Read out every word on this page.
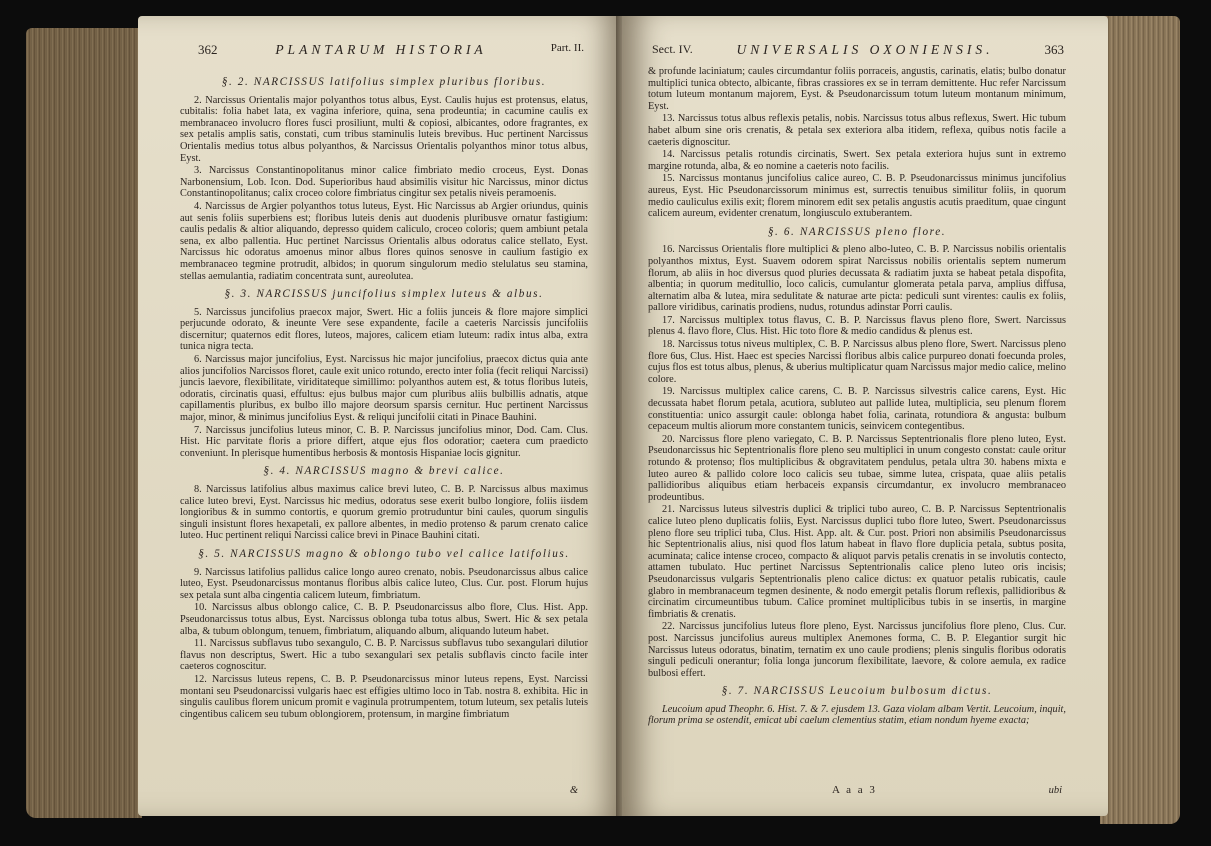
362	PLANTARUM HISTORIA	Part. II.
§. 2. NARCISSUS latifolius simplex pluribus floribus.

2. Narcissus Orientalis major polyanthos totus albus, Eyst. Caulis hujus est protensus, elatus, cubitalis: folia habet lata, ex vagina inferiore, quina, sena prodeuntia; in cacumine caulis ex membranaceo involucro flores fusci prosiliunt, multi & copiosi, albicantes, odore fragrantes, ex sex petalis amplis satis, constati, cum tribus staminulis luteis brevibus. Huc pertinent Narcissus Orientalis medius totus albus polyanthos, & Narcissus Orientalis polyanthos minor totus albus, Eyst.

3. Narcissus Constantinopolitanus minor calice fimbriato medio croceus, Eyst. Donas Narbonensium, Lob. Icon. Dod. Superioribus haud absimilis visitur hic Narcissus, minor dictus Constantinopolitanus; calix croceo colore fimbriatus cingitur sex petalis niveis peramoenis.

4. Narcissus de Argier polyanthos totus luteus, Eyst. Hic Narcissus ab Argier oriundus, quinis aut senis foliis superbiens est; floribus luteis denis aut duodenis pluribusve ornatur fastigium: caulis pedalis & altior aliquando, depresso quidem caliculo, croceo coloris; quem ambiunt petala sena, ex albo pallentia. Huc pertinet Narcissus Orientalis albus odoratus calice stellato, Eyst. Narcissus hic odoratus amoenus minor albus flores quinos senosve in caulium fastigio ex membranaceo tegmine protrudit, albidos; in quorum singulorum medio stelulatus seu stamina, stellas aemulantia, radiatim concentrata sunt, aureolutea.

§. 3. NARCISSUS juncifolius simplex luteus & albus.

5. Narcissus juncifolius praecox major, Swert. Hic a foliis junceis & flore majore simplici perjucunde odorato, & ineunte Vere sese expandente, facile a caeteris Narcissis juncifoliis discernitur; quaternos edit flores, luteos, majores, calicem etiam luteum: radix intus alba, extra tunica nigra tecta.

6. Narcissus major juncifolius, Eyst. Narcissus hic major juncifolius, praecox dictus quia ante alios juncifolios Narcissos floret, caule exit unico rotundo, erecto inter folia (fecit reliqui Narcissi) juncis laevore, flexibilitate, viriditateque simillimo: polyanthos autem est, & totus floribus luteis, odoratis, circinatis quasi, effultus: ejus bulbus major cum pluribus aliis bulbillis adnatis, atque capillamentis pluribus, ex bulbo illo majore deorsum sparsis cernitur. Huc pertinent Narcissus major, minor, & minimus juncifolius Eyst. & reliqui juncifolii citati in Pinace Bauhini.

7. Narcissus juncifolius luteus minor, C. B. P. Narcissus juncifolius minor, Dod. Cam. Clus. Hist. Hic parvitate floris a priore differt, atque ejus flos odoratior; caetera cum praedicto conveniunt. In plerisque humentibus herbosis & montosis Hispaniae locis gignitur.

§. 4. NARCISSUS magno & brevi calice.

8. Narcissus latifolius albus maximus calice brevi luteo, C. B. P. Narcissus albus maximus calice luteo brevi, Eyst. Narcissus hic medius, odoratus sese exerit bulbo longiore, foliis iisdem longioribus & in summo contortis, e quorum gremio protruduntur bini caules, quorum singulis singuli insistunt flores hexapetali, ex pallore albentes, in medio protenso & parum crenato calice luteo. Huc pertinent reliqui Narcissi calice brevi in Pinace Bauhini citati.

§. 5. NARCISSUS magno & oblongo tubo vel calice latifolius.

9. Narcissus latifolius pallidus calice longo aureo crenato, nobis. Pseudonarcissus albus calice luteo, Eyst. Pseudonarcissus montanus floribus albis calice luteo, Clus. Cur. post. Florum hujus sex petala sunt alba cingentia calicem luteum, fimbriatum.

10. Narcissus albus oblongo calice, C. B. P. Pseudonarcissus albo flore, Clus. Hist. App. Pseudonarcissus totus albus, Eyst. Narcissus oblonga tuba totus albus, Swert. Hic & sex petala alba, & tubum oblongum, tenuem, fimbriatum, aliquando album, aliquando luteum habet.

11. Narcissus subflavus tubo sexangulo, C. B. P. Narcissus subflavus tubo sexangulari dilutior flavus non descriptus, Swert. Hic a tubo sexangulari sex petalis subflavis cincto facile inter caeteros cognoscitur.

12. Narcissus luteus repens, C. B. P. Pseudonarcissus minor luteus repens, Eyst. Narcissi montani seu Pseudonarcissi vulgaris haec est effigies ultimo loco in Tab. nostra 8. exhibita. Hic in singulis caulibus florem unicum promit e vaginula protrumpentem, totum luteum, sex petalis luteis cingentibus calicem seu tubum oblongiorem, protensum, in margine fimbriatum

&
Sect. IV.	UNIVERSALIS OXONIENSIS.	363

& profunde laciniatum; caules circumdantur foliis porraceis, angustis, carinatis, elatis; bulbo donatur multiplici tunica obtecto, albicante, fibras crassiores ex se in terram demittente. Huc refer Narcissum totum luteum montanum majorem, Eyst. & Pseudonarcissum totum luteum montanum minimum, Eyst.

13. Narcissus totus albus reflexis petalis, nobis. Narcissus totus albus reflexus, Swert. Hic tubum habet album sine oris crenatis, & petala sex exteriora alba itidem, reflexa, quibus notis facile a caeteris dignoscitur.

14. Narcissus petalis rotundis circinatis, Swert. Sex petala exteriora hujus sunt in extremo margine rotunda, alba, & eo nomine a caeteris noto facilis.

15. Narcissus montanus juncifolius calice aureo, C. B. P. Pseudonarcissus minimus juncifolius aureus, Eyst. Hic Pseudonarcissorum minimus est, surrectis tenuibus similitur foliis, in quorum medio cauliculus exilis exit; florem minorem edit sex petalis angustis acutis praeditum, quae cingunt calicem aureum, evidenter crenatum, longiusculo extuberantem.

§. 6. NARCISSUS pleno flore.

16. Narcissus Orientalis flore multiplici & pleno albo-luteo, C. B. P. Narcissus nobilis orientalis polyanthos mixtus, Eyst. Suavem odorem spirat Narcissus nobilis orientalis septem numerum florum, ab aliis in hoc diversus quod pluries decussata & radiatim juxta se habeat petala dispofita, albentia; in quorum meditullio, loco calicis, cumulantur glomerata petala parva, amplius diffusa, alternatim alba & lutea, mira sedulitate & naturae arte picta: pediculi sunt virentes: caulis ex foliis, pallore viridibus, carinatis prodiens, nudus, rotundus adinstar Porri caulis.

17. Narcissus multiplex totus flavus, C. B. P. Narcissus flavus pleno flore, Swert. Narcissus plenus 4. flavo flore, Clus. Hist. Hic toto flore & medio candidus & plenus est.

18. Narcissus totus niveus multiplex, C. B. P. Narcissus albus pleno flore, Swert. Narcissus pleno flore 6us, Clus. Hist. Haec est species Narcissi floribus albis calice purpureo donati foecunda proles, cujus flos est totus albus, plenus, & uberius multiplicatur quam Narcissus major medio calice, melino colore.

19. Narcissus multiplex calice carens, C. B. P. Narcissus silvestris calice carens, Eyst. Hic decussata habet florum petala, acutiora, subluteo aut pallide lutea, multiplicia, seu plenum florem constituentia: unico assurgit caule: oblonga habet folia, carinata, rotundiora & angusta: bulbum cepaceum multis aliorum more constantem tunicis, seinvicem contegentibus.

20. Narcissus flore pleno variegato, C. B. P. Narcissus Septentrionalis flore pleno luteo, Eyst. Pseudonarcissus hic Septentrionalis flore pleno seu multiplici in unum congesto constat: caule oritur rotundo & protenso; flos multiplicibus & obgravitatem pendulus, petala ultra 30. habens mixta e luteo aureo & pallido colore loco calicis seu tubae, simme lutea, crispata, quae aliis petalis pallidioribus aliquibus etiam herbaceis expansis circumdantur, ex involucro membranaceo prodeuntibus.

21. Narcissus luteus silvestris duplici & triplici tubo aureo, C. B. P. Narcissus Septentrionalis calice luteo pleno duplicatis foliis, Eyst. Narcissus duplici tubo flore luteo, Swert. Pseudonarcissus pleno flore seu triplici tuba, Clus. Hist. App. alt. & Cur. post. Priori non absimilis Pseudonarcissus hic Septentrionalis alius, nisi quod flos latum habeat in flavo flore duplicia petala, subtus posita, acuminata; calice intense croceo, compacto & aliquot parvis petalis crenatis in se involutis contecto, attamen tubulato. Huc pertinet Narcissus Septentrionalis calice pleno luteo oris incisis; Pseudonarcissus vulgaris Septentrionalis pleno calice dictus: ex quatuor petalis rubicatis, caule glabro in membranaceum tegmen desinente, & nodo emergit petalis florum reflexis, pallidioribus & circinatim circumeuntibus tubum. Calice prominet multiplicibus tubis in se insertis, in margine fimbriatis & crenatis.

22. Narcissus juncifolius luteus flore pleno, Eyst. Narcissus juncifolius flore pleno, Clus. Cur. post. Narcissus juncifolius aureus multiplex Anemones forma, C. B. P. Elegantior surgit hic Narcissus luteus odoratus, binatim, ternatim ex uno caule prodiens; plenis singulis floribus odoratis singuli pediculi onerantur; folia longa juncorum flexibilitate, laevore, & colore aemula, ex radice bulbosi effert.

§. 7. NARCISSUS Leucoium bulbosum dictus.

Leucoium apud Theophr. 6. Hist. 7. & 7. ejusdem 13. Gaza violam albam Vertit. Leucoium, inquit, florum prima se ostendit, emicat ubi caelum clementius statim, etiam nondum hyeme exacta;

A a a 3	ubi
